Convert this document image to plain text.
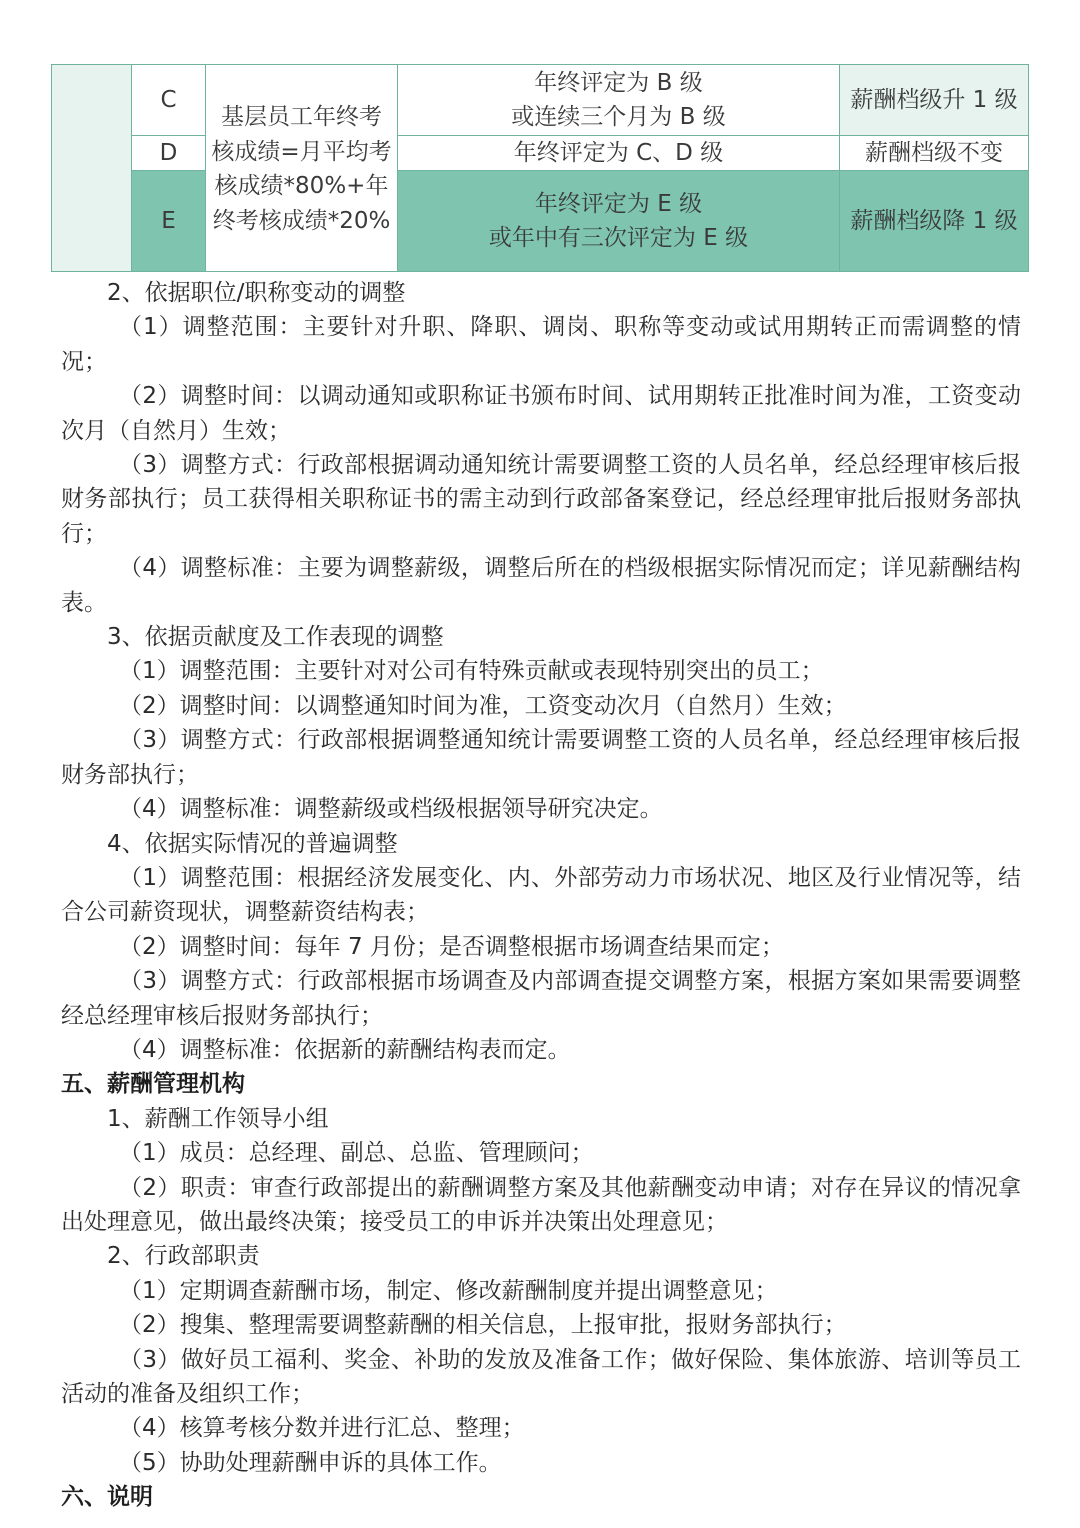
	C	基层员工年终考核成绩=月平均考核成绩*80%+年终考核成绩*20%	年终评定为 B 级
或连续三个月为 B 级	薪酬档级升 1 级
	D		年终评定为 C、D 级	薪酬档级不变
	E		年终评定为 E 级
或年中有三次评定为 E 级	薪酬档级降 1 级

2、依据职位/职称变动的调整

（1）调整范围：主要针对升职、降职、调岗、职称等变动或试用期转正而需调整的情况；

（2）调整时间：以调动通知或职称证书颁布时间、试用期转正批准时间为准，工资变动次月（自然月）生效；

（3）调整方式：行政部根据调动通知统计需要调整工资的人员名单，经总经理审核后报财务部执行；员工获得相关职称证书的需主动到行政部备案登记，经总经理审批后报财务部执行；

（4）调整标准：主要为调整薪级，调整后所在的档级根据实际情况而定；详见薪酬结构表。

3、依据贡献度及工作表现的调整

（1）调整范围：主要针对对公司有特殊贡献或表现特别突出的员工；

（2）调整时间：以调整通知时间为准，工资变动次月（自然月）生效；

（3）调整方式：行政部根据调整通知统计需要调整工资的人员名单，经总经理审核后报财务部执行；

（4）调整标准：调整薪级或档级根据领导研究决定。

4、依据实际情况的普遍调整

（1）调整范围：根据经济发展变化、内、外部劳动力市场状况、地区及行业情况等，结合公司薪资现状，调整薪资结构表；

（2）调整时间：每年 7 月份；是否调整根据市场调查结果而定；

（3）调整方式：行政部根据市场调查及内部调查提交调整方案，根据方案如果需要调整经总经理审核后报财务部执行；

（4）调整标准：依据新的薪酬结构表而定。

五、薪酬管理机构

1、薪酬工作领导小组

（1）成员：总经理、副总、总监、管理顾问；

（2）职责：审查行政部提出的薪酬调整方案及其他薪酬变动申请；对存在异议的情况拿出处理意见，做出最终决策；接受员工的申诉并决策出处理意见；

2、行政部职责

（1）定期调查薪酬市场，制定、修改薪酬制度并提出调整意见；

（2）搜集、整理需要调整薪酬的相关信息，上报审批，报财务部执行；

（3）做好员工福利、奖金、补助的发放及准备工作；做好保险、集体旅游、培训等员工活动的准备及组织工作；

（4）核算考核分数并进行汇总、整理；

（5）协助处理薪酬申诉的具体工作。

六、说明
